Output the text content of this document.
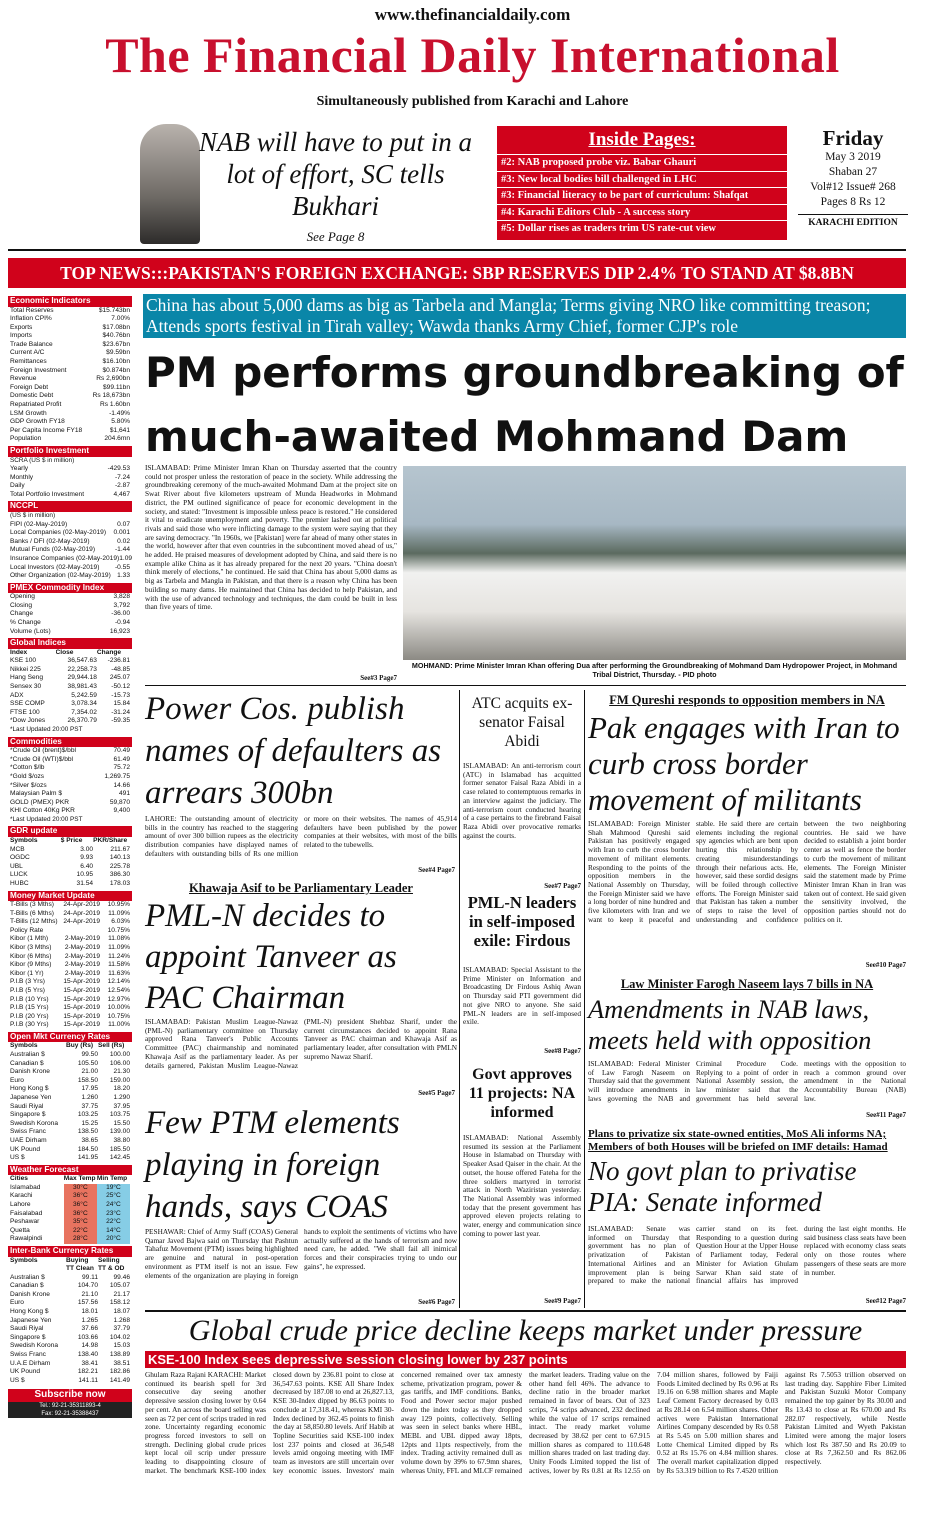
www.thefinancialdaily.com
The Financial Daily International
Simultaneously published from Karachi and Lahore
NAB will have to put in a lot of effort, SC tells Bukhari
See Page 8
Inside Pages:
#2: NAB proposed probe viz. Babar Ghauri
#3: New local bodies bill challenged in LHC
#3: Financial literacy to be part of curriculum: Shafqat
#4: Karachi Editors Club - A success story
#5: Dollar rises as traders trim US rate-cut view
Friday
May 3 2019
Shaban 27
Vol#12 Issue# 268
Pages 8 Rs 12
KARACHI EDITION
TOP NEWS:::PAKISTAN'S FOREIGN EXCHANGE: SBP RESERVES DIP 2.4% TO STAND AT $8.8BN
Economic Indicators
Total Reserves	$15.743bn
Inflation CPI%	7.00%
Exports	$17.08bn
Imports	$40.76bn
Trade Balance	$23.67bn
Current A/C	$9.59bn
Remittances	$16.10bn
Foreign Investment	$0.874bn
Revenue	Rs 2,690bn
Foreign Debt	$99.11bn
Domestic Debt	Rs 18,673bn
Repatriated Profit	Rs 1.60bn
LSM Growth	-1.49%
GDP Growth FY18	5.80%
Per Capita Income FY18	$1,641
Population	204.6mn
Portfolio Investment
SCRA (US $ in million)
Yearly	-429.53
Monthly	-7.24
Daily	-2.87
Total Portfolio Investment	4,467
NCCPL
(US $ in million)
FIPI (02-May-2019)	0.07
Local Companies (02-May-2019) 0.001
Banks / DFI (02-May-2019)	0.02
Mutual Funds (02-May-2019)	-1.44
Insurance Companies (02-May-2019) 1.09
Local Investors (02-May-2019) -0.55
Other Organization (02-May-2019) 1.33
PMEX Commodity Index
Opening	3,828
Closing	3,792
Change	-36.00
% Change	-0.94
Volume (Lots)	16,923
Global Indices
Index	Close	Change
KSE 100	36,547.63	-236.81
Nikkei 225	22,258.73	-48.85
Hang Seng	29,944.18	245.07
Sensex 30	38,981.43	-50.12
ADX	5,242.59	-15.73
SSE COMP	3,078.34	15.84
FTSE 100	7,354.02	-31.24
*Dow Jones	26,370.79	-59.35
*Last Updated 20:00 PST
Commodities
*Crude Oil (brent)$/bbl	70.49
*Crude Oil (WTI)$/bbl	61.49
*Cotton $/lb	75.72
*Gold $/ozs	1,269.75
*Silver $/ozs	14.66
Malaysian Palm $	491
GOLD (PMEX) PKR	59,870
KHI Cotton 40Kg PKR	9,400
*Last Updated 20:00 PST
GDR update
Symbols	$ Price	PKR/Share
MCB	3.00	211.67
OGDC	9.93	140.13
UBL	6.40	225.78
LUCK	10.95	386.30
HUBC	31.54	178.03
Money Market Update
T-Bills (3 Mths)	24-Apr-2019	10.95%
T-Bills (6 Mths)	24-Apr-2019	11.09%
T-Bills (12 Mths) 24-Apr-2019	6.03%
Policy Rate	10.75%
Kibor (1 Mth)	2-May-2019	11.08%
Kibor (3 Mths)	2-May-2019	11.09%
Kibor (6 Mths)	2-May-2019	11.24%
Kibor (9 Mths)	2-May-2019	11.58%
Kibor (1 Yr)	2-May-2019	11.63%
P.I.B (3 Yrs)	15-Apr-2019	12.14%
P.I.B (5 Yrs)	15-Apr-2019	12.54%
P.I.B (10 Yrs)	15-Apr-2019	12.97%
P.I.B (15 Yrs)	15-Apr-2019	10.00%
P.I.B (20 Yrs)	15-Apr-2019	10.75%
P.I.B (30 Yrs)	15-Apr-2019	11.00%
Open Mkt Currency Rates
Symbols	Buy (Rs) Sell (Rs)
Australian $	99.50	100.00
Canadian $	105.50	106.00
Danish Krone	21.00	21.30
Euro	158.50	159.00
Hong Kong $	17.95	18.20
Japanese Yen	1.260	1.290
Saudi Riyal	37.75	37.95
Singapore $	103.25	103.75
Swedish Korona	15.25	15.50
Swiss Franc	138.50	139.00
UAE Dirham	38.65	38.80
UK Pound	184.50	185.50
US $	141.95	142.45
Weather Forecast
Cities	Max Temp Min Temp
Islamabad	30°C	19°C
Karachi	36°C	25°C
Lahore	36°C	24°C
Faisalabad	36°C	23°C
Peshawar	35°C	22°C
Quetta	22°C	14°C
Rawalpindi	28°C	20°C
Inter-Bank Currency Rates
Symbols	Buying	Selling
TT Clean TT & OD
Australian $	99.11	99.46
Canadian $	104.70	105.07
Danish Krone	21.10	21.17
Euro	157.56	158.12
Hong Kong $	18.01	18.07
Japanese Yen	1.265	1.268
Saudi Riyal	37.66	37.79
Singapore $	103.66	104.02
Swedish Korona	14.98	15.03
Swiss Franc	138.40	138.89
U.A.E Dirham	38.41	38.51
UK Pound	182.21	182.86
US $	141.11	141.49
Subscribe now
Tel.: 92-21-35311893-4
Fax: 92-21-35388437
China has about 5,000 dams as big as Tarbela and Mangla; Terms giving NRO like committing treason; Attends sports festival in Tirah valley; Wawda thanks Army Chief, former CJP's role
PM performs groundbreaking of much-awaited Mohmand Dam
ISLAMABAD: Prime Minister Imran Khan on Thursday asserted that the country could not prosper unless the restoration of peace in the society. While addressing the groundbreaking ceremony of the much-awaited Mohmand Dam at the project site on Swat River about five kilometers upstream of Munda Headworks in Mohmand district, the PM outlined significance of peace for economic development in the society, and stated: "Investment is impossible unless peace is restored." He considered it vital to eradicate unemployment and poverty. The premier lashed out at political rivals and said those who were inflicting damage to the system were saying that they are saving democracy. "In 1960s, we [Pakistan] were far ahead of many other states in the world, however after that even countries in the subcontinent moved ahead of us," he added. He praised measures of development adopted by China, and said there is no example alike China as it has already prepared for the next 20 years. "China doesn't think merely of elections," he continued. He said that China has about 5,000 dams as big as Tarbela and Mangla in Pakistan, and that there is a reason why China has been building so many dams. He maintained that China has decided to help Pakistan, and with the use of advanced technology and techniques, the dam could be built in less than five years of time.
See#3 Page7
MOHMAND: Prime Minister Imran Khan offering Dua after performing the Groundbreaking of Mohmand Dam Hydropower Project, in Mohmand Tribal District, Thursday. - PID photo
Power Cos. publish names of defaulters as arrears 300bn
LAHORE: The outstanding amount of electricity bills in the country has reached to the staggering amount of over 300 billion rupees as the electricity distribution companies have displayed names of defaulters with outstanding bills of Rs one million or more on their websites. The names of 45,914 defaulters have been published by the power companies at their websites, with most of the bills related to the tubewells.
See#4 Page7
Khawaja Asif to be Parliamentary Leader
PML-N decides to appoint Tanveer as PAC Chairman
ISLAMABAD: Pakistan Muslim League-Nawaz (PML-N) parliamentary committee on Thursday approved Rana Tanveer's Public Accounts Committee (PAC) chairmanship and nominated Khawaja Asif as the parliamentary leader. As per details garnered, Pakistan Muslim League-Nawaz (PML-N) president Shehbaz Sharif, under the current circumstances decided to appoint Rana Tanveer as PAC chairman and Khawaja Asif as parliamentary leader, after consultation with PMLN supremo Nawaz Sharif.
See#5 Page7
Few PTM elements playing in foreign hands, says COAS
PESHAWAR: Chief of Army Staff (COAS) General Qamar Javed Bajwa said on Thursday that Pashtun Tahafuz Movement (PTM) issues being highlighted are genuine and natural in post-operation environment as PTM itself is not an issue. Few elements of the organization are playing in foreign hands to exploit the sentiments of victims who have actually suffered at the hands of terrorism and now need care, he added. "We shall fail all inimical forces and their conspiracies trying to undo our gains", he expressed.
See#6 Page7
ATC acquits ex-senator Faisal Abidi
ISLAMABAD: An anti-terrorism court (ATC) in Islamabad has acquitted former senator Faisal Raza Abidi in a case related to contemptuous remarks in an interview against the judiciary. The anti-terrorism court conducted hearing of a case pertains to the firebrand Faisal Raza Abidi over provocative remarks against the courts.
See#7 Page7
PML-N leaders in self-imposed exile: Firdous
ISLAMABAD: Special Assistant to the Prime Minister on Information and Broadcasting Dr Firdous Ashiq Awan on Thursday said PTI government did not give NRO to anyone. She said PML-N leaders are in self-imposed exile.
See#8 Page7
Govt approves 11 projects: NA informed
ISLAMABAD: National Assembly resumed its session at the Parliament House in Islamabad on Thursday with Speaker Asad Qaiser in the chair. At the outset, the house offered Fateha for the three soldiers martyred in terrorist attack in North Waziristan yesterday. The National Assembly was informed today that the present government has approved eleven projects relating to water, energy and communication since coming to power last year.
See#9 Page7
FM Qureshi responds to opposition members in NA
Pak engages with Iran to curb cross border movement of militants
ISLAMABAD: Foreign Minister Shah Mahmood Qureshi said Pakistan has positively engaged with Iran to curb the cross border movement of militant elements. Responding to the points of the opposition members in the National Assembly on Thursday, the Foreign Minister said we have a long border of nine hundred and five kilometers with Iran and we want to keep it peaceful and stable. He said there are certain elements including the regional spy agencies which are bent upon hurting this relationship by creating misunderstandings through their nefarious acts. He, however, said these sordid designs will be foiled through collective efforts. The Foreign Minister said that Pakistan has taken a number of steps to raise the level of understanding and confidence between the two neighboring countries. He said we have decided to establish a joint border center as well as fence the border to curb the movement of militant elements. The Foreign Minister said the statement made by Prime Minister Imran Khan in Iran was taken out of context. He said given the sensitivity involved, the opposition parties should not do politics on it.
See#10 Page7
Law Minister Farogh Naseem lays 7 bills in NA
Amendments in NAB laws, meets held with opposition
ISLAMABAD: Federal Minister of Law Farogh Naseem on Thursday said that the government will introduce amendments in laws governing the NAB and Criminal Procedure Code. Replying to a point of order in National Assembly session, the law minister said that the government has held several meetings with the opposition to reach a common ground over amendment in the National Accountability Bureau (NAB) law.
See#11 Page7
Plans to privatize six state-owned entities, MoS Ali informs NA; Members of both Houses will be briefed on IMF details: Hamad
No govt plan to privatise PIA: Senate informed
ISLAMABAD: Senate was informed on Thursday that government has no plan of privatization of Pakistan International Airlines and an improvement plan is being prepared to make the national carrier stand on its feet. Responding to a question during Question Hour at the Upper House of Parliament today, Federal Minister for Aviation Ghulam Sarwar Khan said state of financial affairs has improved during the last eight months. He said business class seats have been replaced with economy class seats only on those routes where passengers of these seats are more in number.
See#12 Page7
Global crude price decline keeps market under pressure
KSE-100 Index sees depressive session closing lower by 237 points
Ghulam Raza Rajani KARACHI: Market continued its bearish spell for 3rd consecutive day seeing another depressive session closing lower by 0.64 per cent. An across the board selling was seen as 72 per cent of scrips traded in red zone. Uncertainty regarding economic progress forced investors to sell on strength. Declining global crude prices kept local oil scrip under pressure leading to disappointing closure of market. The benchmark KSE-100 index closed down by 236.81 point to close at 36,547.63 points. KSE All Share Index decreased by 187.08 to end at 26,827.13, KSE 30-Index dipped by 86.63 points to conclude at 17,318.41, whereas KMI 30-Index declined by 362.45 points to finish the day at 58,850.80 levels. Arif Habib at Topline Securities said KSE-100 index lost 237 points and closed at 36,548 levels amid ongoing meeting with IMF team as investors are still uncertain over key economic issues. Investors' main concerned remained over tax amnesty scheme, privatization program, power & gas tariffs, and IMF conditions. Banks, Food and Power sector major pushed down the index today as they dropped away 129 points, collectively. Selling was seen in select banks where HBL, MEBL and UBL dipped away 18pts, 12pts and 11pts respectively, from the index. Trading activity remained dull as volume down by 39% to 67.9mn shares, whereas Unity, FFL and MLCF remained the market leaders. Trading value on the other hand fell 46%. The advance to decline ratio in the broader market remained in favor of bears. Out of 323 scrips, 74 scrips advanced, 232 declined while the value of 17 scrips remained intact. The ready market volume decreased by 38.62 per cent to 67.915 million shares as compared to 110.648 million shares traded on last trading day. Unity Foods Limited topped the list of actives, lower by Rs 0.81 at Rs 12.55 on 7.04 million shares, followed by Faiji Foods Limited declined by Rs 0.96 at Rs 19.16 on 6.98 million shares and Maple Leaf Cement Factory decreased by 0.03 at Rs 28.14 on 6.54 million shares. Other actives were Pakistan International Airlines Company descended by Rs 0.58 at Rs 5.45 on 5.00 million shares and Lotte Chemical Limited dipped by Rs 0.52 at Rs 15.76 on 4.84 million shares. The overall market capitalization dipped by Rs 53.319 billion to Rs 7.4520 trillion against Rs 7.5053 trillion observed on last trading day. Sapphire Fiber Limited and Pakistan Suzuki Motor Company remained the top gainer by Rs 30.00 and Rs 13.43 to close at Rs 670.00 and Rs 282.07 respectively, while Nestle Pakistan Limited and Wyeth Pakistan Limited were among the major losers which lost Rs 387.50 and Rs 20.09 to close at Rs 7,362.50 and Rs 862.06 respectively.
